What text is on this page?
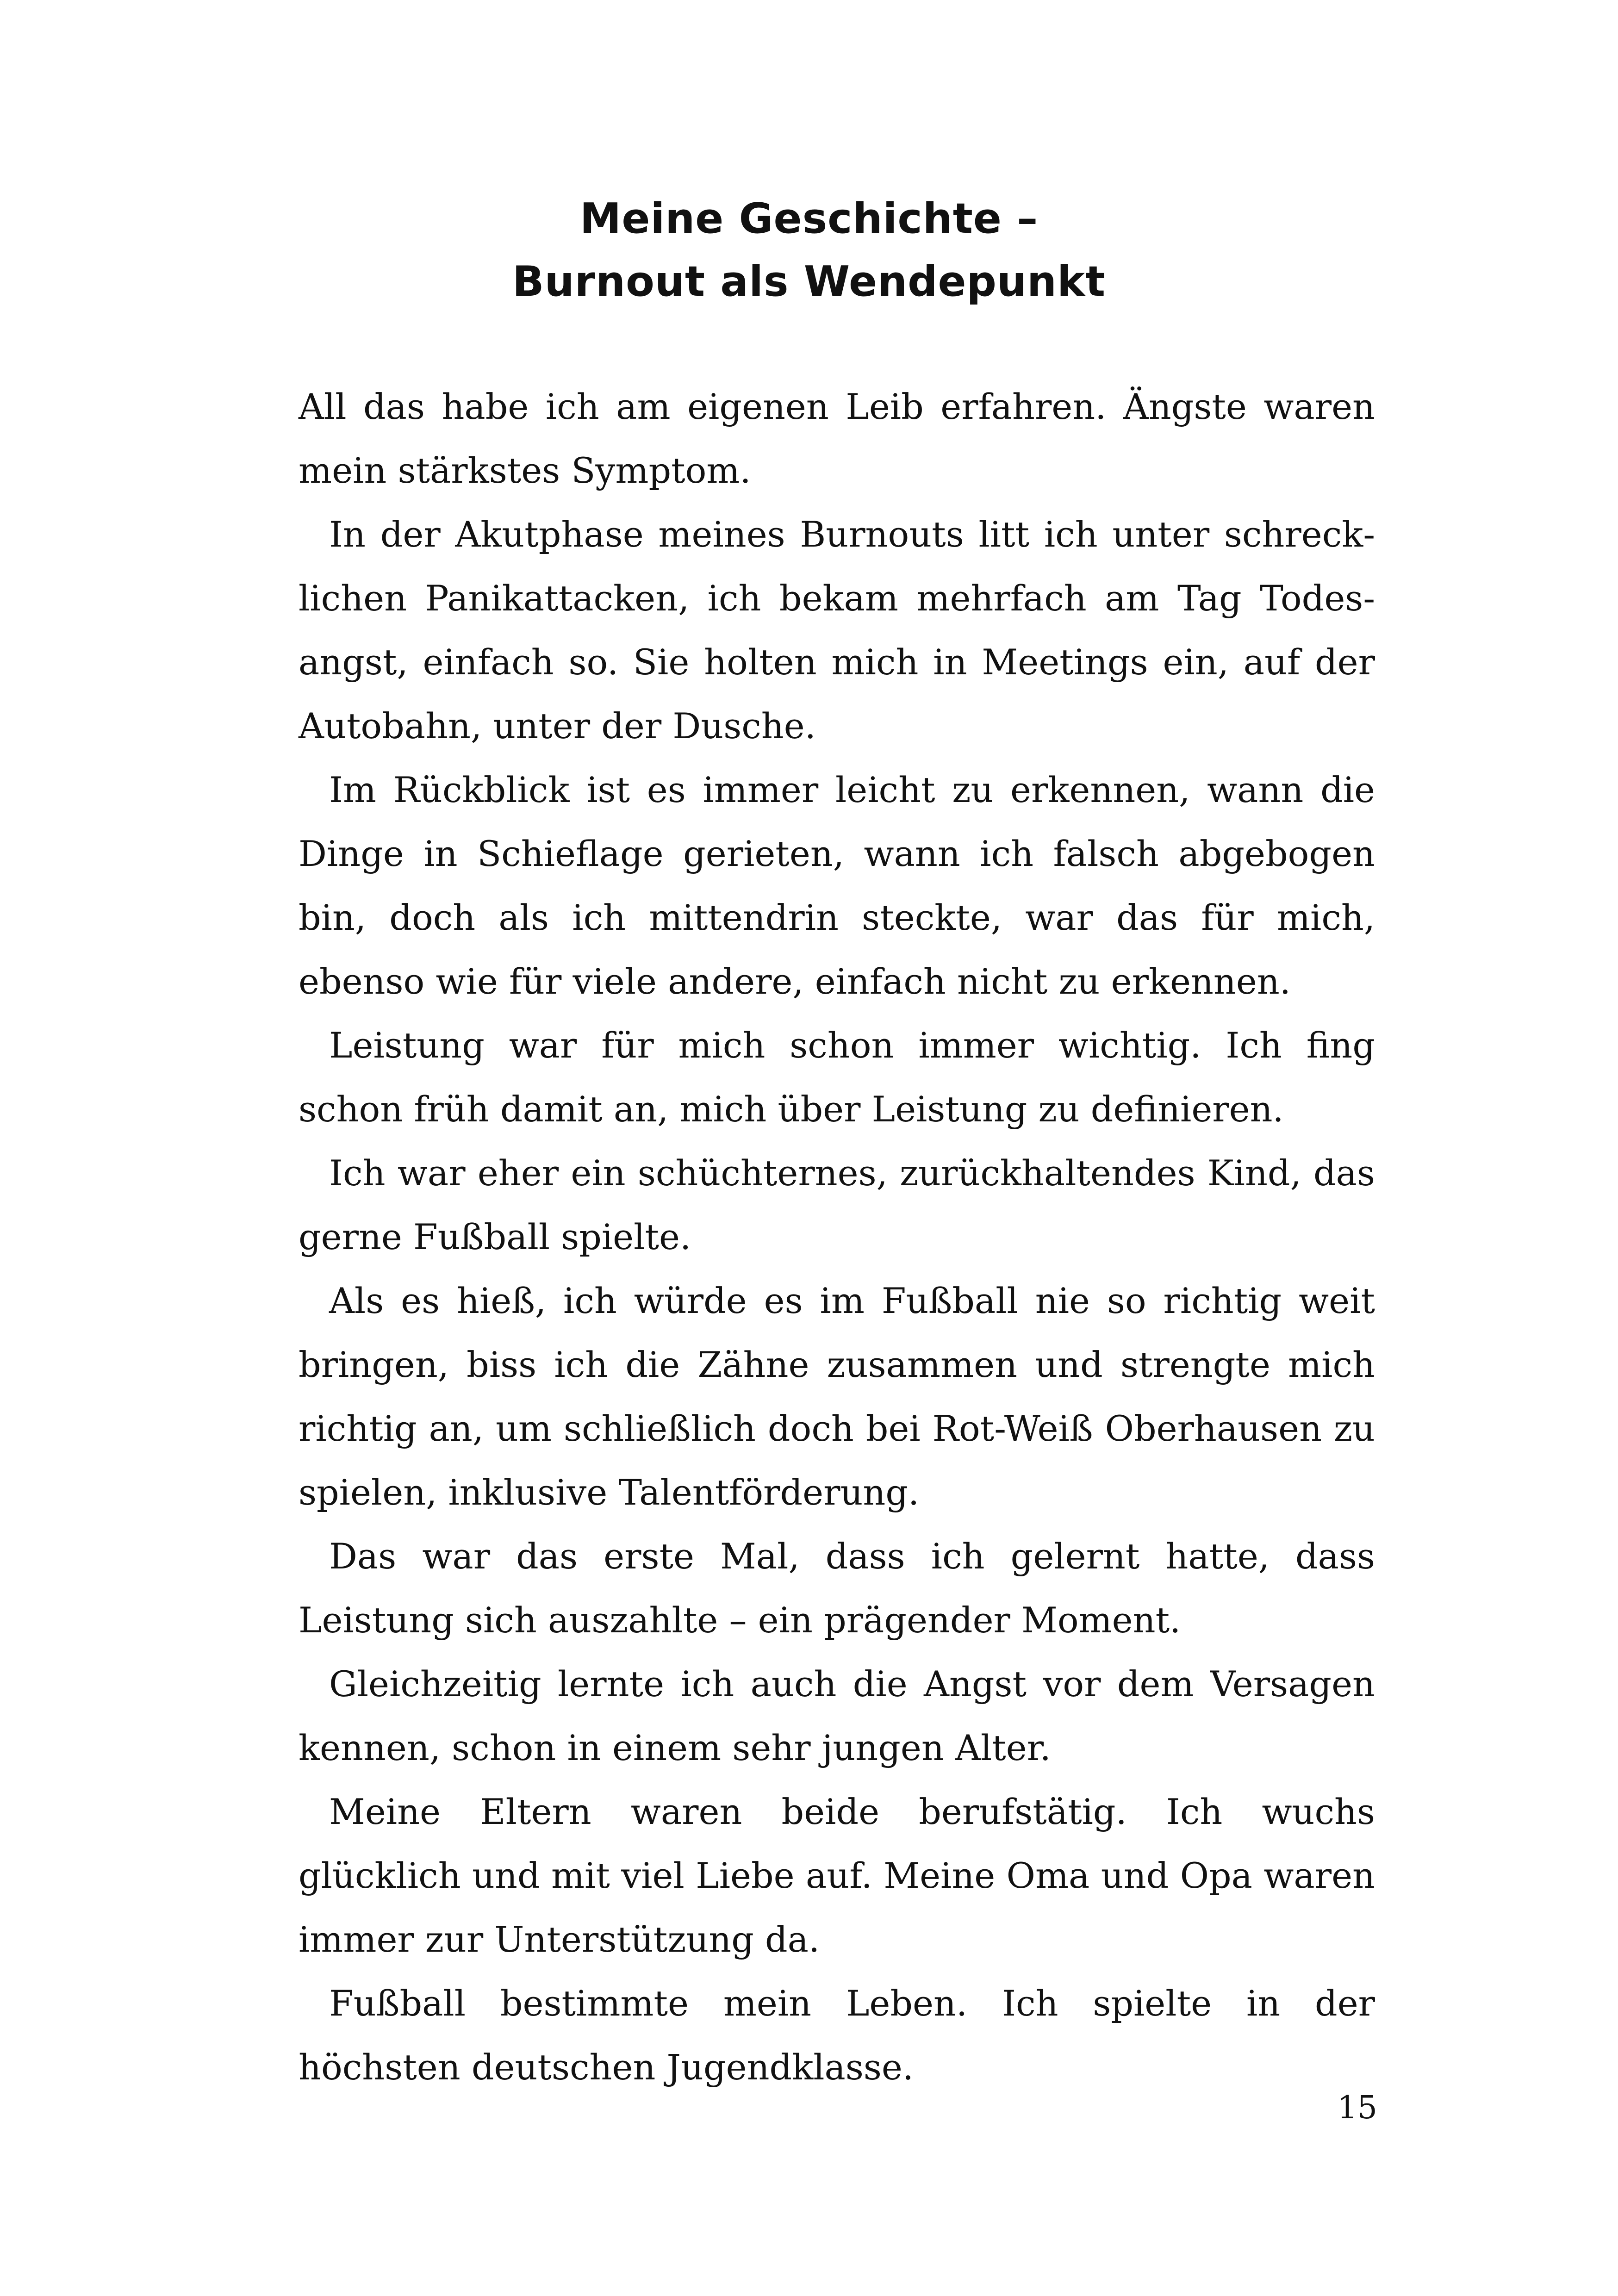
Meine Geschichte –
Burnout als Wendepunkt

All das habe ich am eigenen Leib erfahren. Ängste waren mein stärkstes Symptom.

In der Akutphase meines Burnouts litt ich unter schrecklichen Panikattacken, ich bekam mehrfach am Tag Todesangst, einfach so. Sie holten mich in Meetings ein, auf der Autobahn, unter der Dusche.

Im Rückblick ist es immer leicht zu erkennen, wann die Dinge in Schieflage gerieten, wann ich falsch abgebogen bin, doch als ich mittendrin steckte, war das für mich, ebenso wie für viele andere, einfach nicht zu erkennen.

Leistung war für mich schon immer wichtig. Ich fing schon früh damit an, mich über Leistung zu definieren.

Ich war eher ein schüchternes, zurückhaltendes Kind, das gerne Fußball spielte.

Als es hieß, ich würde es im Fußball nie so richtig weit bringen, biss ich die Zähne zusammen und strengte mich richtig an, um schließlich doch bei Rot-Weiß Oberhausen zu spielen, inklusive Talentförderung.

Das war das erste Mal, dass ich gelernt hatte, dass Leistung sich auszahlte – ein prägender Moment.

Gleichzeitig lernte ich auch die Angst vor dem Versagen kennen, schon in einem sehr jungen Alter.

Meine Eltern waren beide berufstätig. Ich wuchs glücklich und mit viel Liebe auf. Meine Oma und Opa waren immer zur Unterstützung da.

Fußball bestimmte mein Leben. Ich spielte in der höchsten deutschen Jugendklasse.

15
